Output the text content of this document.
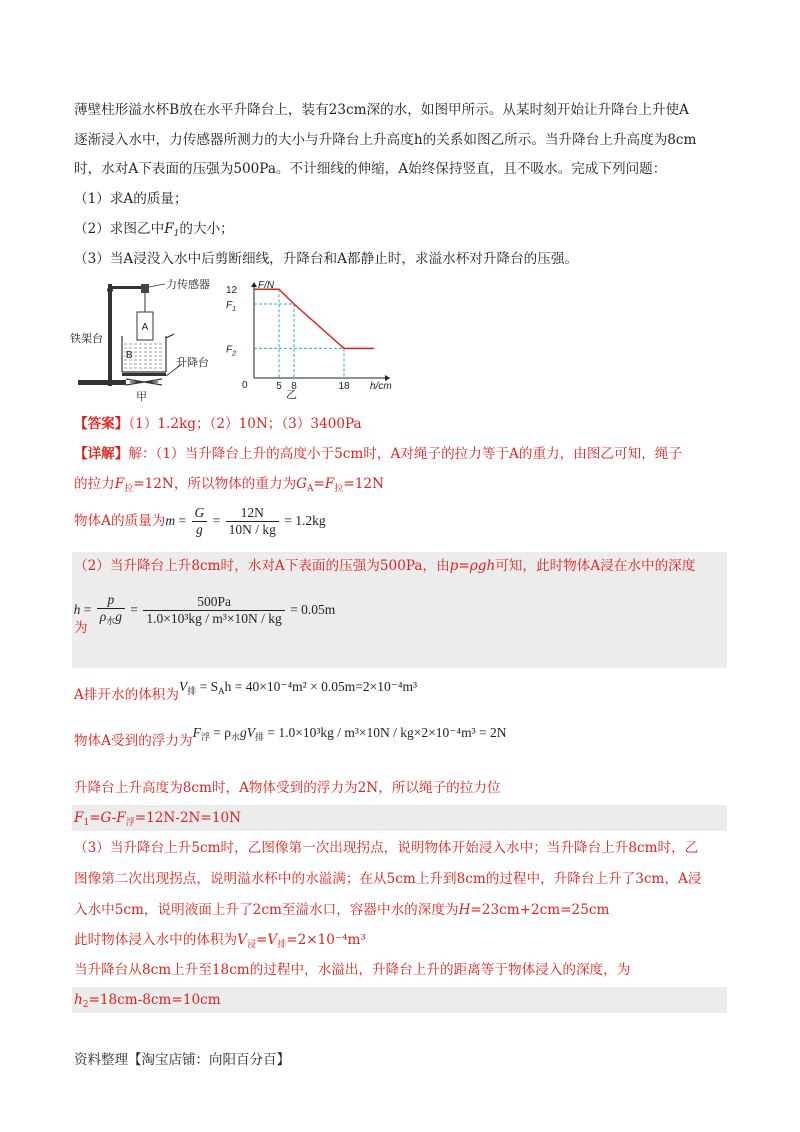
薄壁柱形溢水杯B放在水平升降台上，装有23cm深的水，如图甲所示。从某时刻开始让升降台上升使A
逐渐浸入水中，力传感器所测力的大小与升降台上升高度h的关系如图乙所示。当升降台上升高度为8cm
时，水对A下表面的压强为500Pa。不计细线的伸缩，A始终保持竖直，且不吸水。完成下列问题：
（1）求A的质量；
（2）求图乙中$F_1$的大小；
（3）当A浸没入水中后剪断细线，升降台和A都静止时，求溢水杯对升降台的压强。
力传感器
A
B
升降台
铁架台
甲
F/N
h/cm
0
12
$F_1$
$F_2$
5 8	18
乙
【答案】（1）1.2kg；（2）10N；（3）3400Pa
【详解】解：（1）当升降台上升的高度小于5cm时，A对绳子的拉力等于A的重力，由图乙可知，绳子
的拉力$F_拉=12N$，所以物体的重力为$G_A=F_拉=12N$
物体A的质量为$m = \frac{G}{g} = \frac{12N}{10N / kg} = 1.2kg$
（2）当升降台上升8cm时，水对A下表面的压强为500Pa，由p=ρgh可知，此时物体A浸在水中的深度
为$h = \frac{p}{\rho_水g} = \frac{500Pa}{\text{1.0×10³kg / m³×10N / kg}} = 0.05m$
A排开水的体积为$V_排 = S_Ah = 40\times 10^{-4}m^2 \times 0.05m=2\times 10^{-4}m^3$
物体A受到的浮力为$F_浮 = \rho_水gV_排 = 1.0\times 10^3kg / m^3\times 10N / kg\times 2\times 10^{-4}m^3 = 2N$
升降台上升高度为8cm时，A物体受到的浮力为2N，所以绳子的拉力位
$F_1=G-F_浮=12N-2N=10N$
（3）当升降台上升5cm时，乙图像第一次出现拐点，说明物体开始浸入水中；当升降台上升8cm时，乙
图像第二次出现拐点，说明溢水杯中的水溢满；在从5cm上升到8cm的过程中，升降台上升了3cm，A浸
入水中5cm，说明液面上升了2cm至溢水口，容器中水的深度为H=23cm+2cm=25cm
此时物体浸入水中的体积为$V_浸=V_排=2\times 10^{-4}m^3$
当升降台从8cm上升至18cm的过程中，水溢出，升降台上升的距离等于物体浸入的深度，为
$h_2=18cm-8cm=10cm$
资料整理【淘宝店铺：向阳百分百】
